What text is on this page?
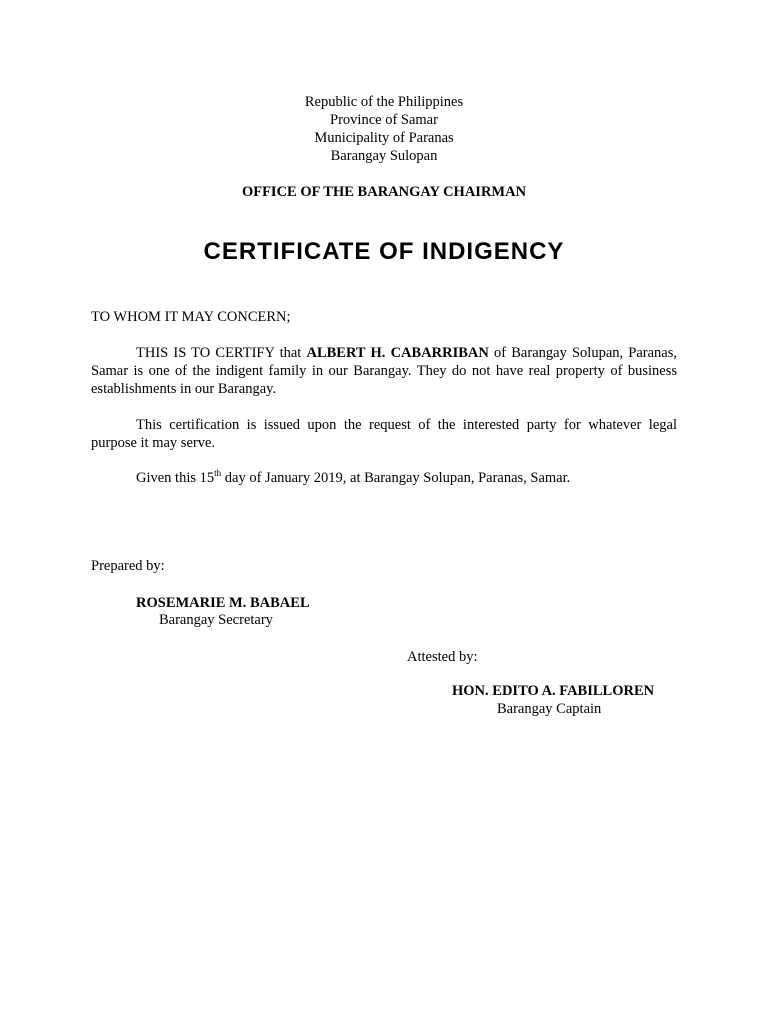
Republic of the Philippines
Province of Samar
Municipality of Paranas
Barangay Sulopan
OFFICE OF THE BARANGAY CHAIRMAN
CERTIFICATE OF INDIGENCY
TO WHOM IT MAY CONCERN;
THIS IS TO CERTIFY that ALBERT H. CABARRIBAN of Barangay Solupan, Paranas, Samar is one of the indigent family in our Barangay. They do not have real property of business establishments in our Barangay.
This certification is issued upon the request of the interested party for whatever legal purpose it may serve.
Given this 15th day of January 2019, at Barangay Solupan, Paranas, Samar.
Prepared by:
ROSEMARIE M. BABAEL
Barangay Secretary
Attested by:
HON. EDITO A. FABILLOREN
Barangay Captain
